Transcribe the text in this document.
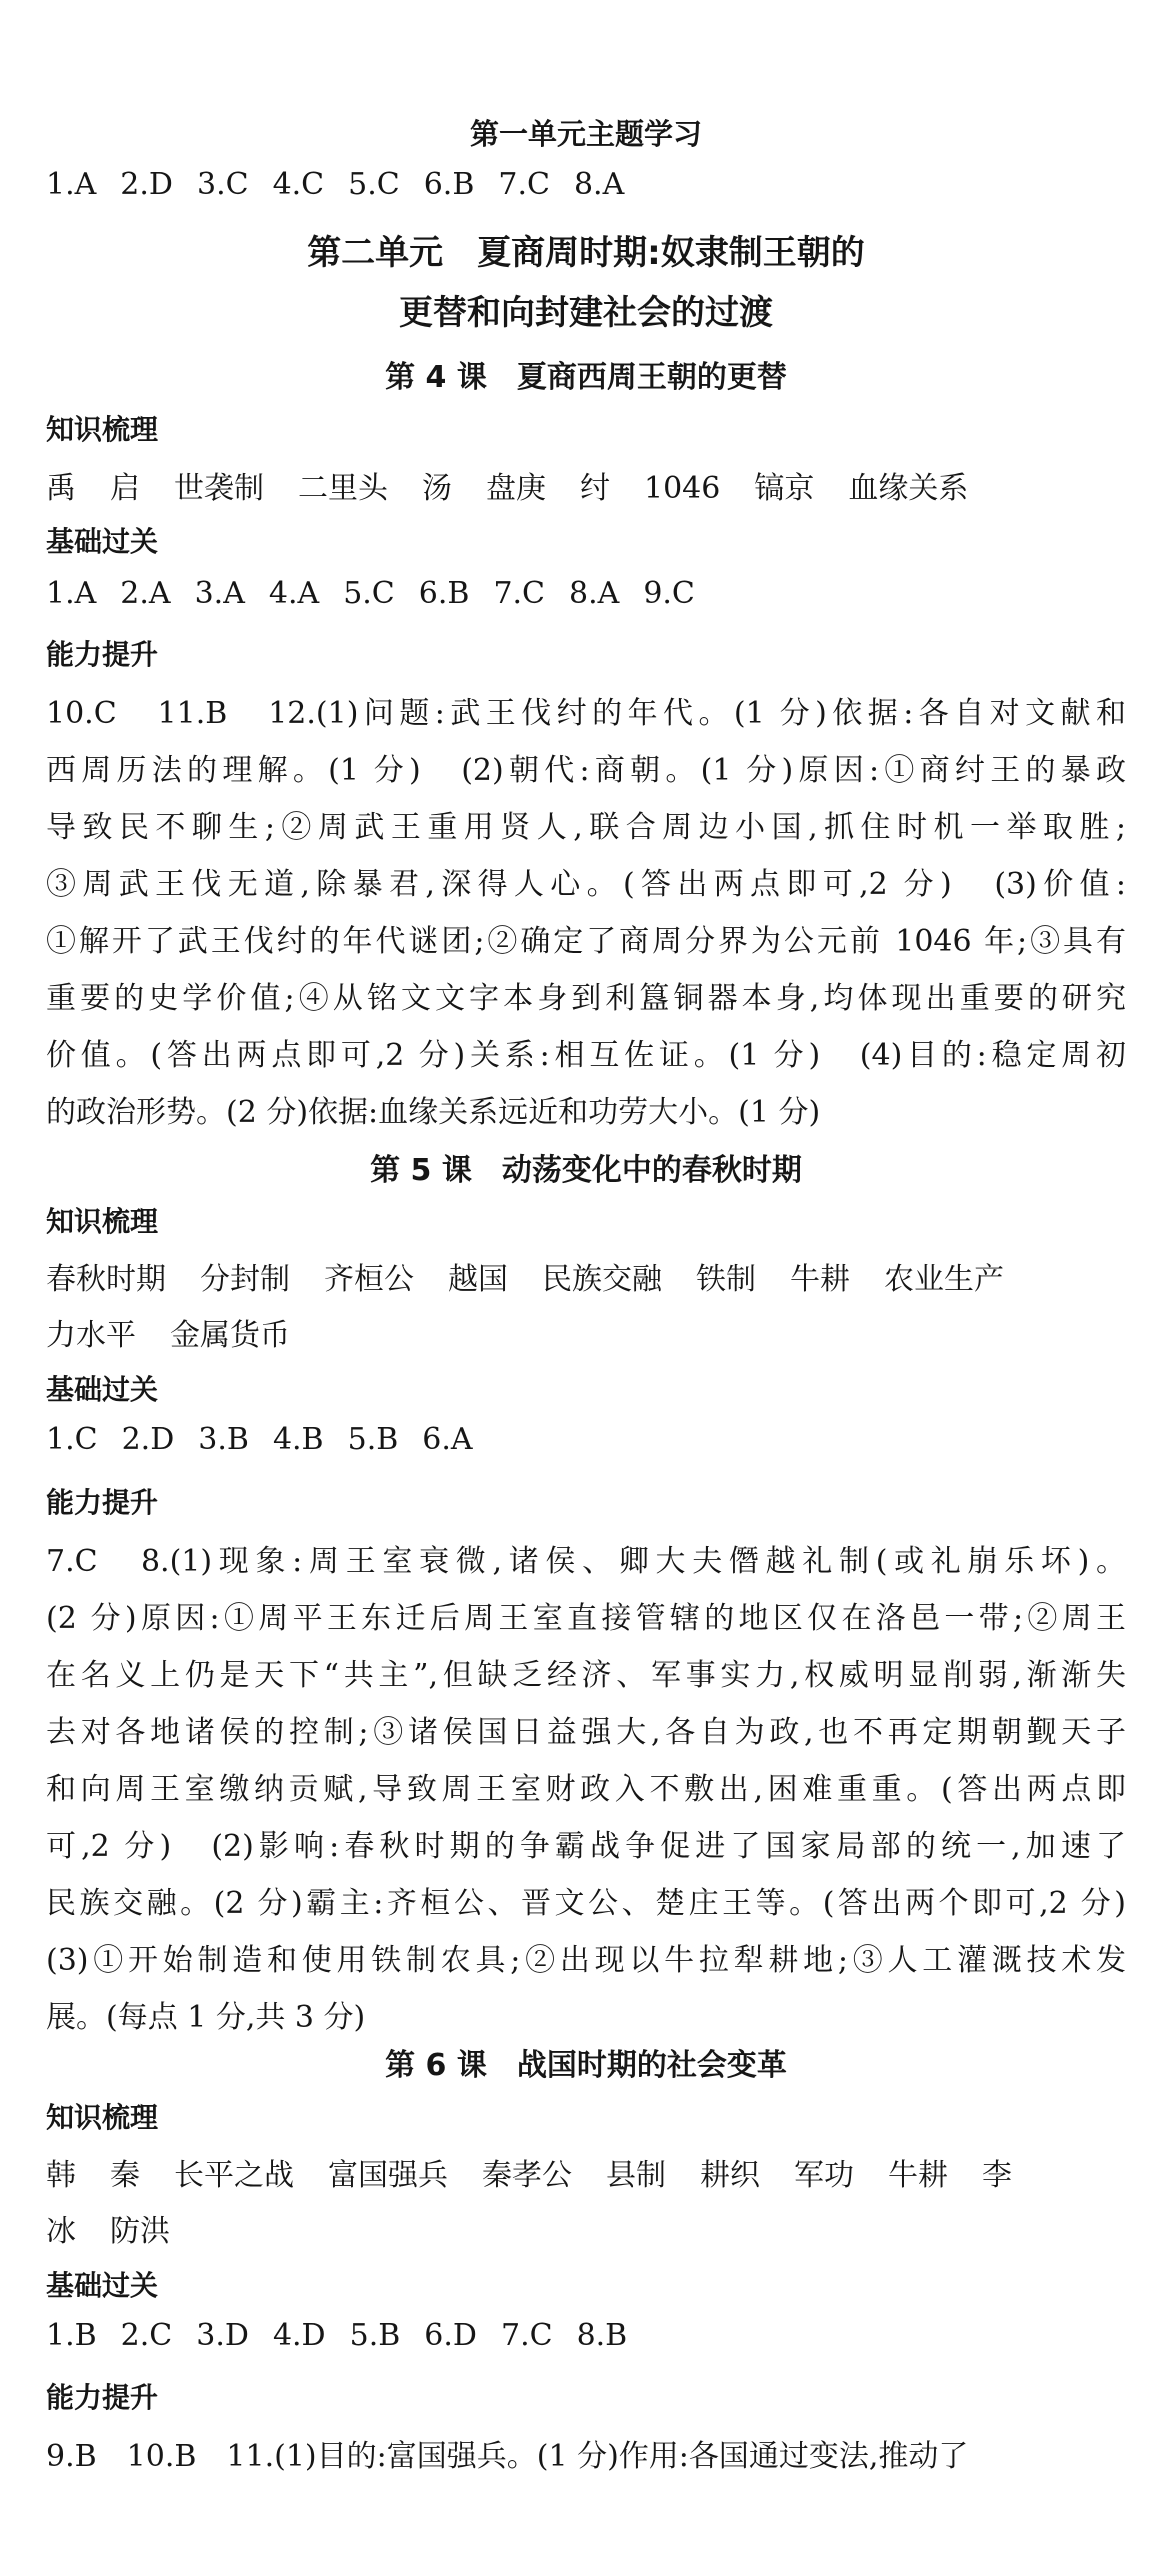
第一单元主题学习
1.A 2.D 3.C 4.C 5.C 6.B 7.C 8.A
第二单元　夏商周时期:奴隶制王朝的
更替和向封建社会的过渡
第 4 课　夏商西周王朝的更替
知识梳理
禹 启 世袭制 二里头 汤 盘庚 纣 1046 镐京 血缘关系
基础过关
1.A 2.A 3.A 4.A 5.C 6.B 7.C 8.A 9.C
能力提升
第 5 课　动荡变化中的春秋时期
知识梳理
春秋时期 分封制 齐桓公 越国 民族交融 铁制 牛耕 农业生产
力水平 金属货币
基础过关
1.C 2.D 3.B 4.B 5.B 6.A
能力提升
第 6 课　战国时期的社会变革
知识梳理
韩 秦 长平之战 富国强兵 秦孝公 县制 耕织 军功 牛耕 李
冰 防洪
基础过关
1.B 2.C 3.D 4.D 5.B 6.D 7.C 8.B
能力提升
10.C　11.B　12.(1)问题:武王伐纣的年代。(1 分)依据:各自对文献和
西周历法的理解。(1 分)　(2)朝代:商朝。(1 分)原因:①商纣王的暴政
导致民不聊生;②周武王重用贤人,联合周边小国,抓住时机一举取胜;
③周武王伐无道,除暴君,深得人心。(答出两点即可,2 分)　(3)价值:
①解开了武王伐纣的年代谜团;②确定了商周分界为公元前 1046 年;③具有
重要的史学价值;④从铭文文字本身到利簋铜器本身,均体现出重要的研究
价值。(答出两点即可,2 分)关系:相互佐证。(1 分)　(4)目的:稳定周初
的政治形势。(2 分)依据:血缘关系远近和功劳大小。(1 分)
7.C　8.(1)现象:周王室衰微,诸侯、卿大夫僭越礼制(或礼崩乐坏)。
(2 分)原因:①周平王东迁后周王室直接管辖的地区仅在洛邑一带;②周王
在名义上仍是天下“共主”,但缺乏经济、军事实力,权威明显削弱,渐渐失
去对各地诸侯的控制;③诸侯国日益强大,各自为政,也不再定期朝觐天子
和向周王室缴纳贡赋,导致周王室财政入不敷出,困难重重。(答出两点即
可,2 分)　(2)影响:春秋时期的争霸战争促进了国家局部的统一,加速了
民族交融。(2 分)霸主:齐桓公、晋文公、楚庄王等。(答出两个即可,2 分)
(3)①开始制造和使用铁制农具;②出现以牛拉犁耕地;③人工灌溉技术发
展。(每点 1 分,共 3 分)
9.B　10.B　11.(1)目的:富国强兵。(1 分)作用:各国通过变法,推动了
